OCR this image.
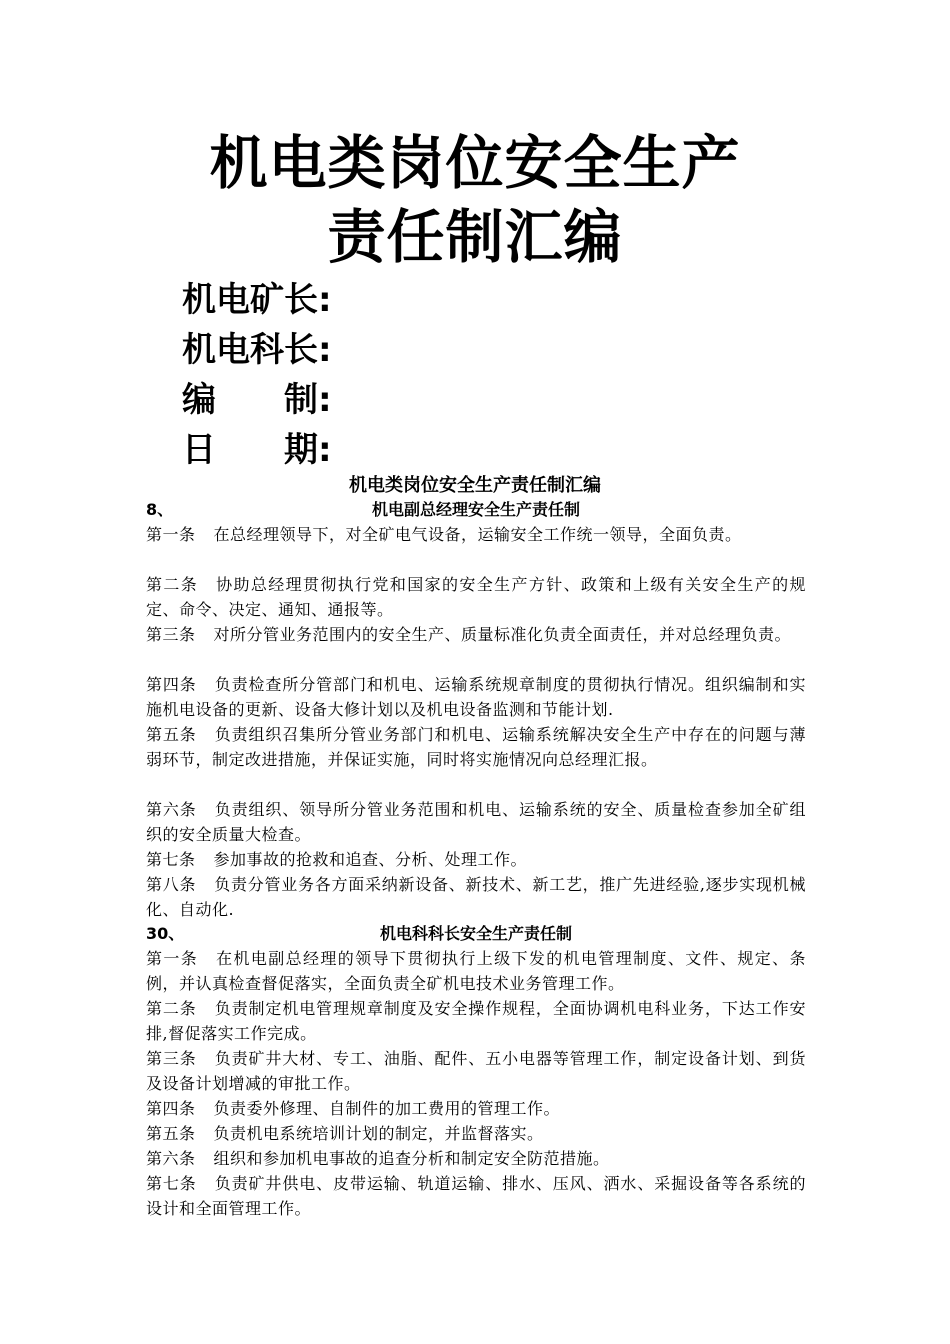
机电类岗位安全生产
责任制汇编
机电矿长:
机电科长:
编制:
日期:
机电类岗位安全生产责任制汇编
8、	机电副总经理安全生产责任制
第一条 在总经理领导下，对全矿电气设备，运输安全工作统一领导，全面负责。
第二条 协助总经理贯彻执行党和国家的安全生产方针、政策和上级有关安全生产的规定、命令、决定、通知、通报等。
第三条 对所分管业务范围内的安全生产、质量标准化负责全面责任，并对总经理负责。
第四条 负责检查所分管部门和机电、运输系统规章制度的贯彻执行情况。组织编制和实施机电设备的更新、设备大修计划以及机电设备监测和节能计划.
第五条 负责组织召集所分管业务部门和机电、运输系统解决安全生产中存在的问题与薄弱环节，制定改进措施，并保证实施，同时将实施情况向总经理汇报。
第六条 负责组织、领导所分管业务范围和机电、运输系统的安全、质量检查参加全矿组织的安全质量大检查。
第七条 参加事故的抢救和追查、分析、处理工作。
第八条 负责分管业务各方面采纳新设备、新技术、新工艺，推广先进经验,逐步实现机械化、自动化.
30、	机电科科长安全生产责任制
第一条 在机电副总经理的领导下贯彻执行上级下发的机电管理制度、文件、规定、条例，并认真检查督促落实，全面负责全矿机电技术业务管理工作。
第二条 负责制定机电管理规章制度及安全操作规程，全面协调机电科业务，下达工作安排,督促落实工作完成。
第三条 负责矿井大材、专工、油脂、配件、五小电器等管理工作，制定设备计划、到货及设备计划增减的审批工作。
第四条 负责委外修理、自制件的加工费用的管理工作。
第五条 负责机电系统培训计划的制定，并监督落实。
第六条 组织和参加机电事故的追查分析和制定安全防范措施。
第七条 负责矿井供电、皮带运输、轨道运输、排水、压风、洒水、采掘设备等各系统的设计和全面管理工作。
